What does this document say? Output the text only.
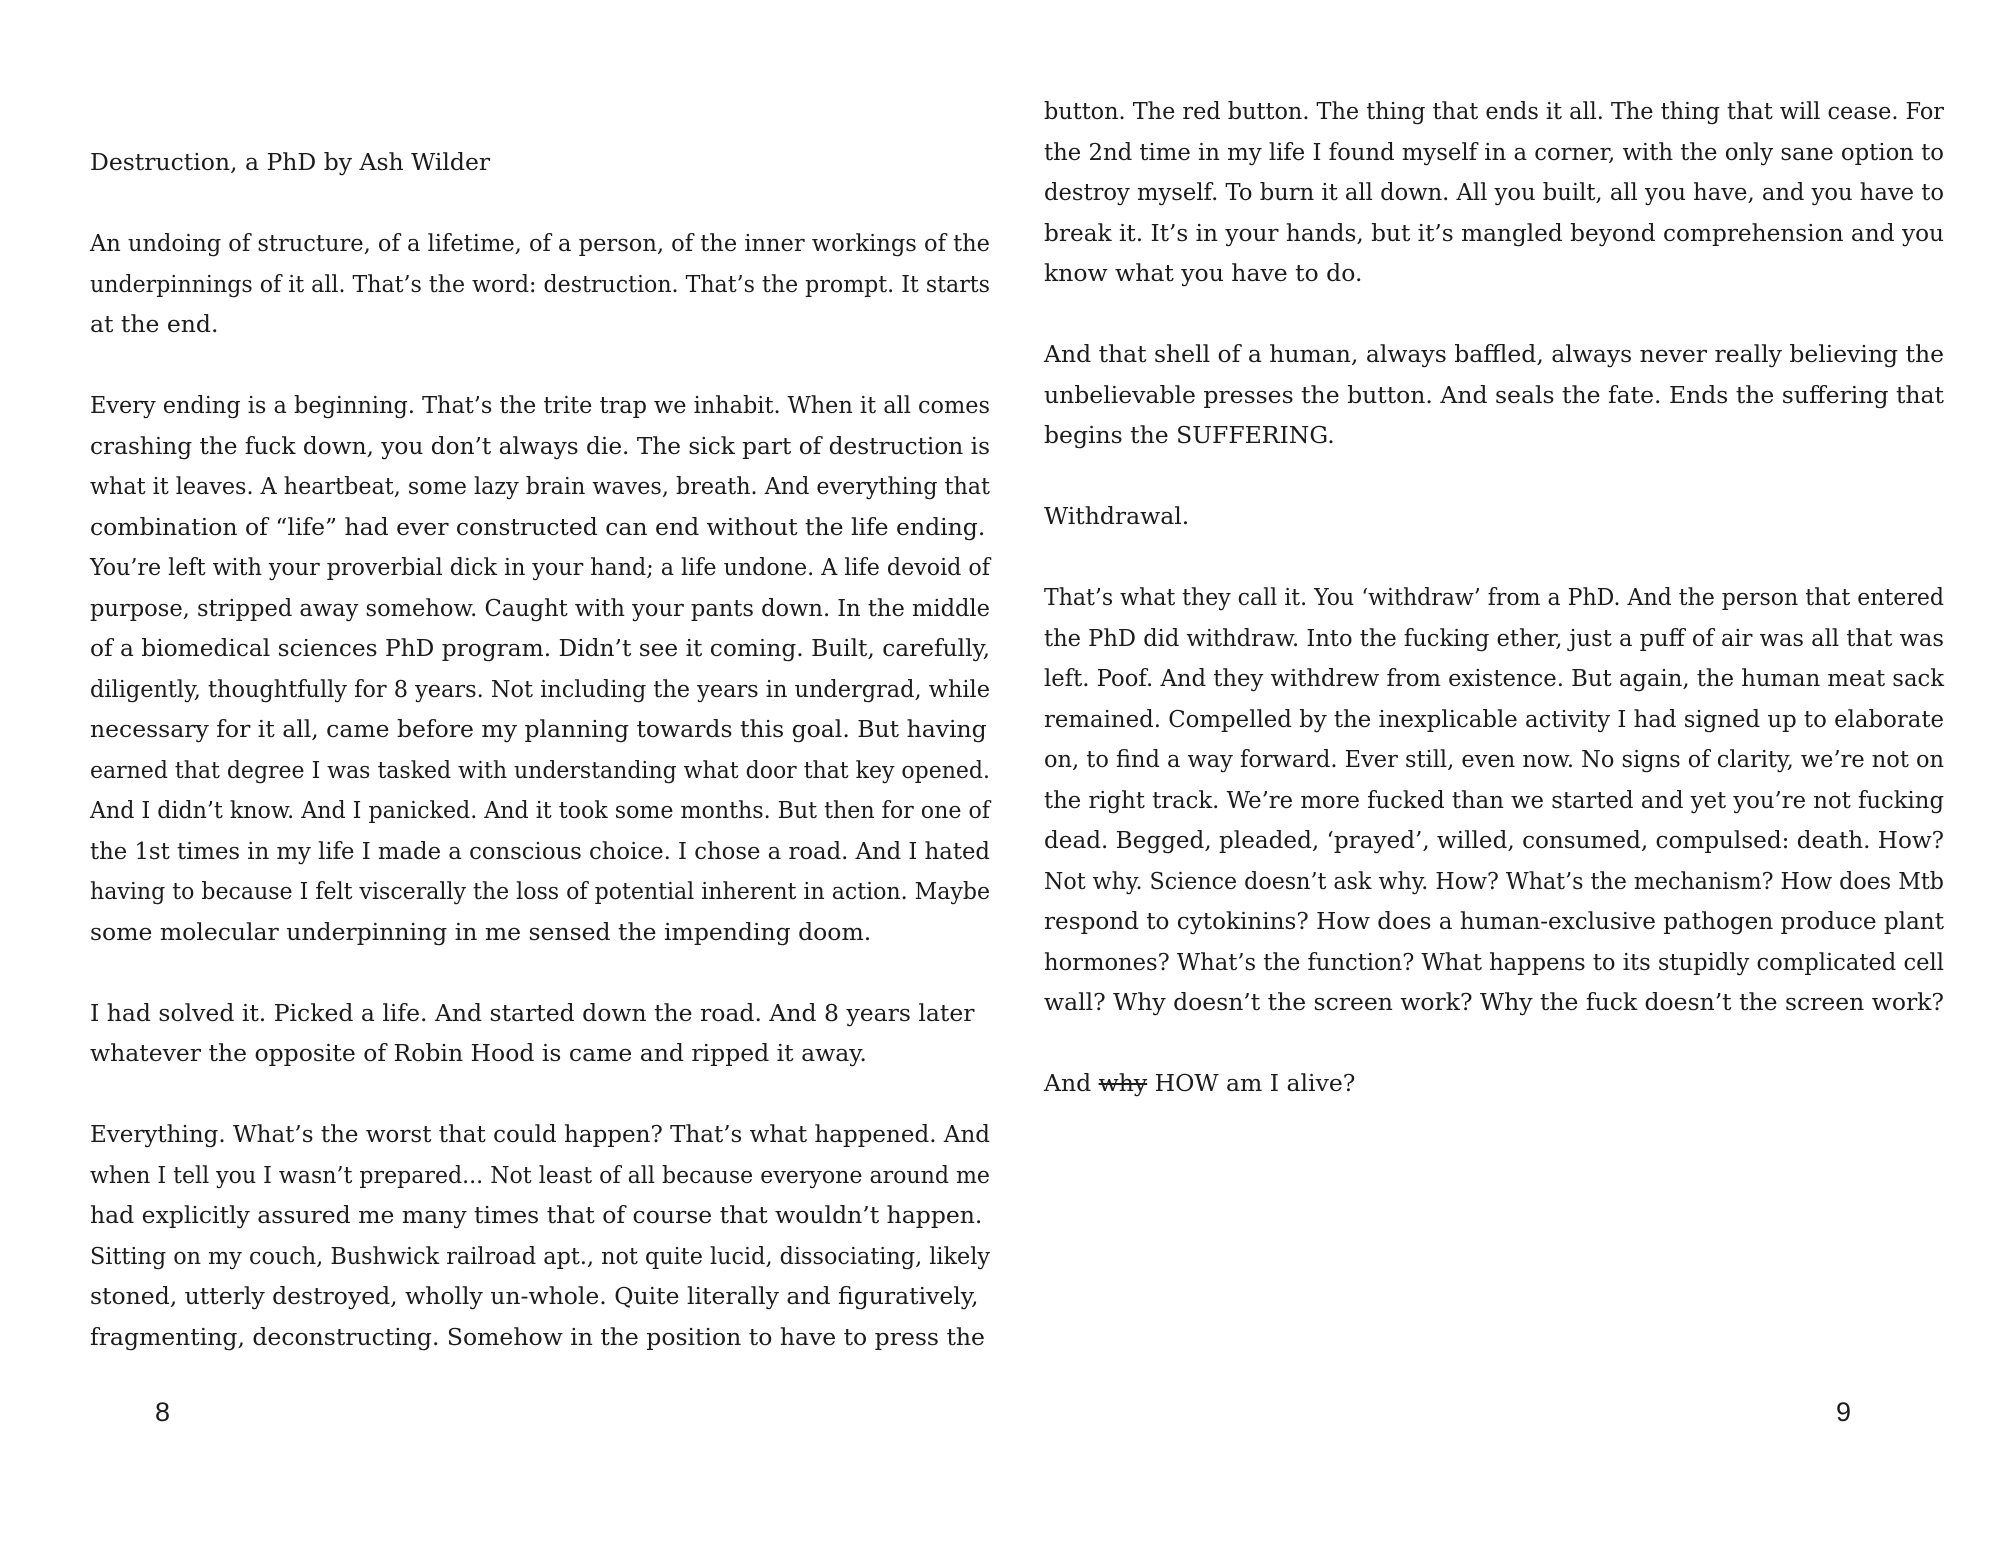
Destruction, a PhD by Ash Wilder

An undoing of structure, of a lifetime, of a person, of the inner workings of the
underpinnings of it all. That’s the word: destruction. That’s the prompt. It starts
at the end.

Every ending is a beginning. That’s the trite trap we inhabit. When it all comes
crashing the fuck down, you don’t always die. The sick part of destruction is
what it leaves. A heartbeat, some lazy brain waves, breath. And everything that
combination of “life” had ever constructed can end without the life ending.
You’re left with your proverbial dick in your hand; a life undone. A life devoid of
purpose, stripped away somehow. Caught with your pants down. In the middle
of a biomedical sciences PhD program. Didn’t see it coming. Built, carefully,
diligently, thoughtfully for 8 years. Not including the years in undergrad, while
necessary for it all, came before my planning towards this goal. But having
earned that degree I was tasked with understanding what door that key opened.
And I didn’t know. And I panicked. And it took some months. But then for one of
the 1st times in my life I made a conscious choice. I chose a road. And I hated
having to because I felt viscerally the loss of potential inherent in action. Maybe
some molecular underpinning in me sensed the impending doom.

I had solved it. Picked a life. And started down the road. And 8 years later
whatever the opposite of Robin Hood is came and ripped it away.

Everything. What’s the worst that could happen? That’s what happened. And
when I tell you I wasn’t prepared... Not least of all because everyone around me
had explicitly assured me many times that of course that wouldn’t happen.
Sitting on my couch, Bushwick railroad apt., not quite lucid, dissociating, likely
stoned, utterly destroyed, wholly un-whole. Quite literally and figuratively,
fragmenting, deconstructing. Somehow in the position to have to press the

8

button. The red button. The thing that ends it all. The thing that will cease. For
the 2nd time in my life I found myself in a corner, with the only sane option to
destroy myself. To burn it all down. All you built, all you have, and you have to
break it. It’s in your hands, but it’s mangled beyond comprehension and you
know what you have to do.

And that shell of a human, always baffled, always never really believing the
unbelievable presses the button. And seals the fate. Ends the suffering that
begins the SUFFERING.

Withdrawal.

That’s what they call it. You ‘withdraw’ from a PhD. And the person that entered
the PhD did withdraw. Into the fucking ether, just a puff of air was all that was
left. Poof. And they withdrew from existence. But again, the human meat sack
remained. Compelled by the inexplicable activity I had signed up to elaborate
on, to find a way forward. Ever still, even now. No signs of clarity, we’re not on
the right track. We’re more fucked than we started and yet you’re not fucking
dead. Begged, pleaded, ‘prayed’, willed, consumed, compulsed: death. How?
Not why. Science doesn’t ask why. How? What’s the mechanism? How does Mtb
respond to cytokinins? How does a human-exclusive pathogen produce plant
hormones? What’s the function? What happens to its stupidly complicated cell
wall? Why doesn’t the screen work? Why the fuck doesn’t the screen work?

And why HOW am I alive?

9
